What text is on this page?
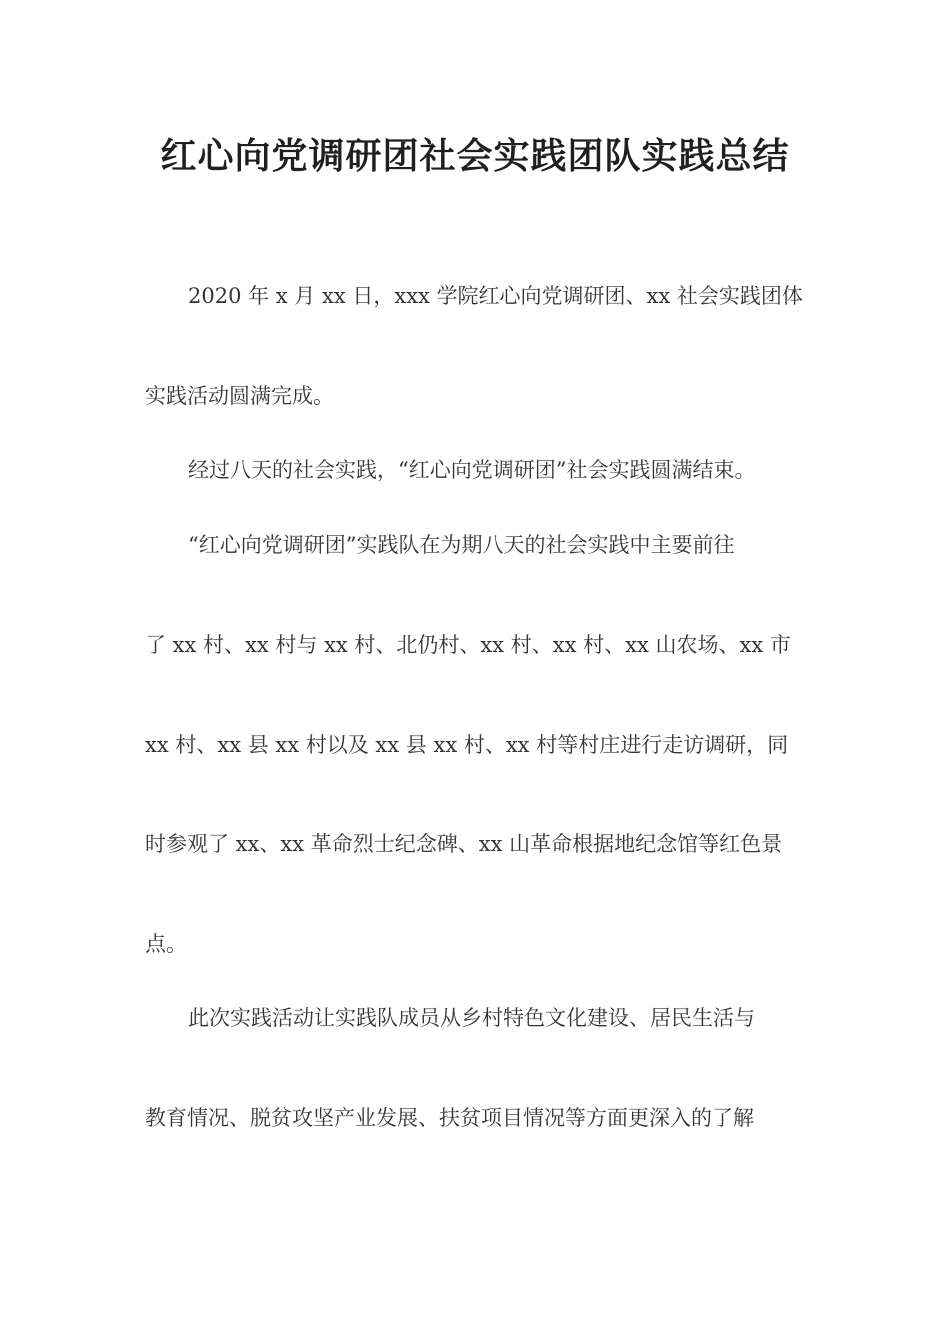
红心向党调研团社会实践团队实践总结

2020 年 x 月 xx 日，xxx 学院红心向党调研团、xx 社会实践团体

实践活动圆满完成。

经过八天的社会实践，“红心向党调研团”社会实践圆满结束。

“红心向党调研团”实践队在为期八天的社会实践中主要前往

了 xx 村、xx 村与 xx 村、北仍村、xx 村、xx 村、xx 山农场、xx 市

xx 村、xx 县 xx 村以及 xx 县 xx 村、xx 村等村庄进行走访调研，同

时参观了 xx、xx 革命烈士纪念碑、xx 山革命根据地纪念馆等红色景

点。

此次实践活动让实践队成员从乡村特色文化建设、居民生活与

教育情况、脱贫攻坚产业发展、扶贫项目情况等方面更深入的了解
